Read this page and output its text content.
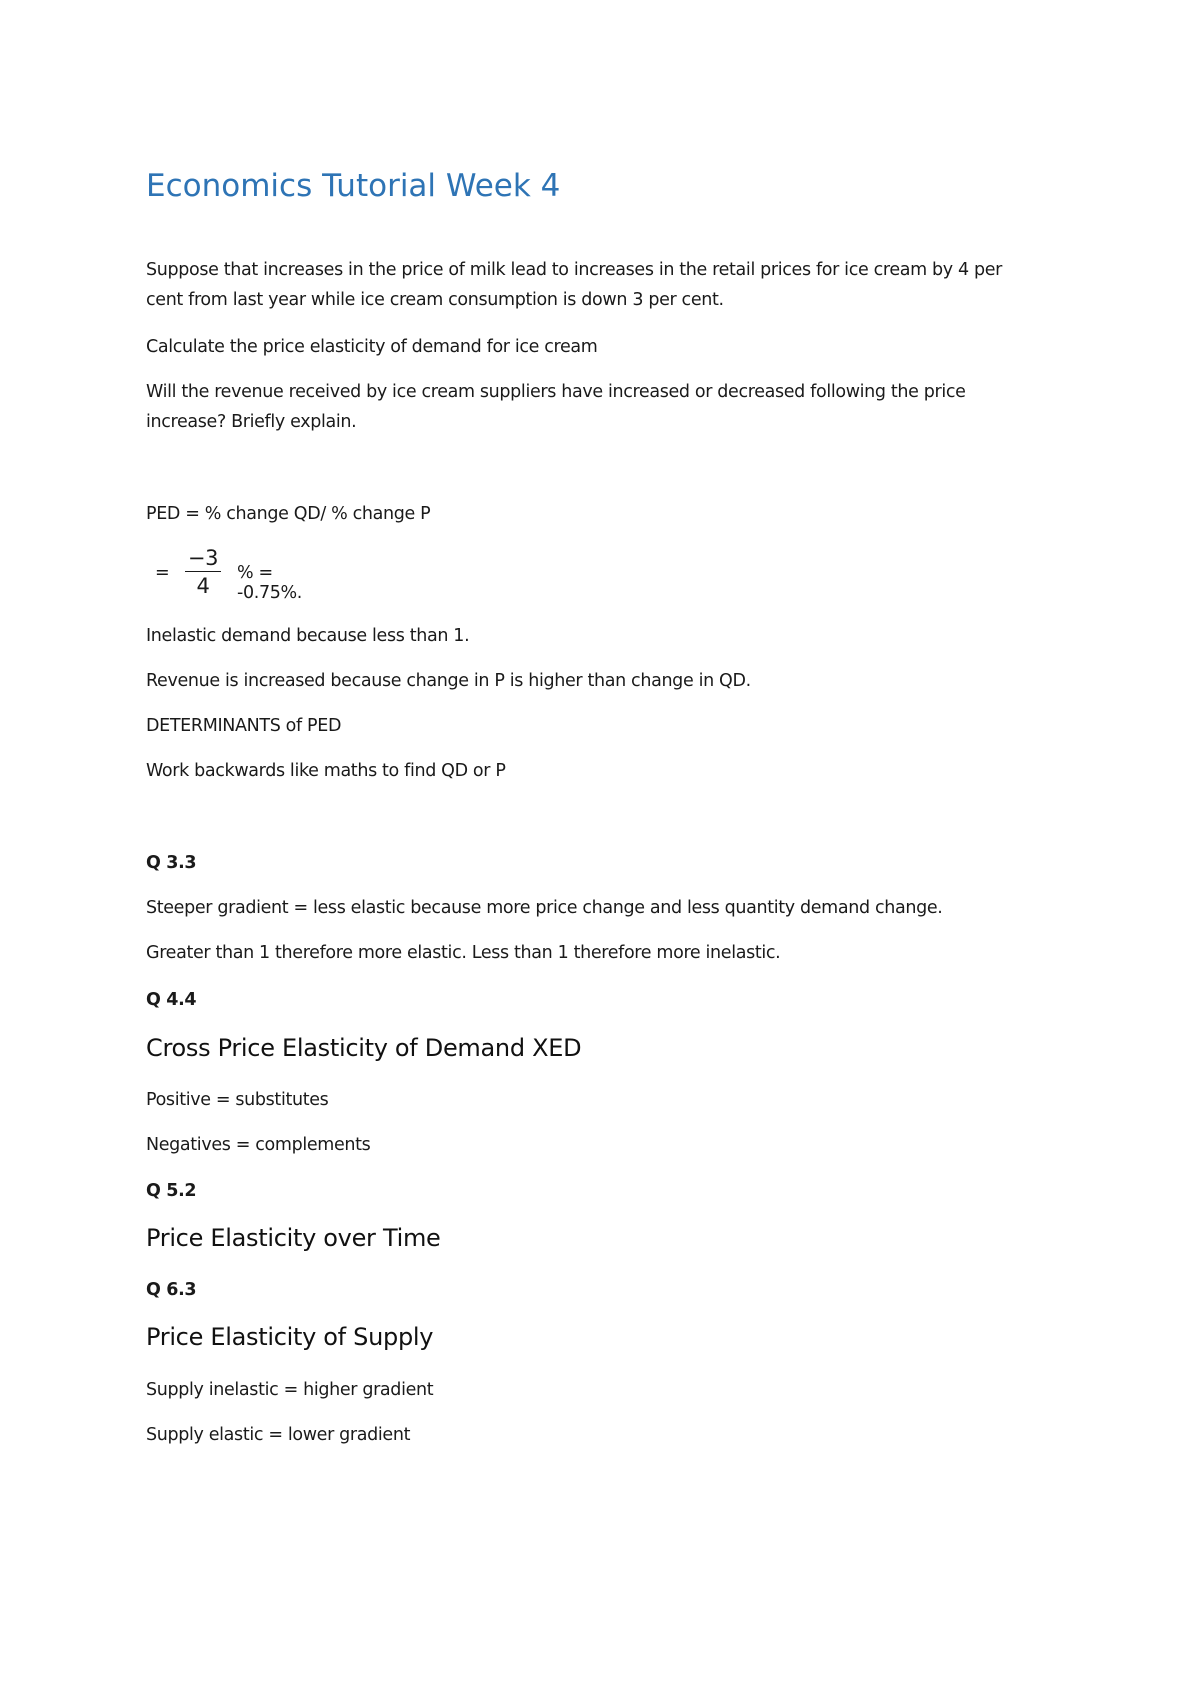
Economics Tutorial Week 4

Suppose that increases in the price of milk lead to increases in the retail prices for ice cream by 4 per

cent from last year while ice cream consumption is down 3 per cent.

Calculate the price elasticity of demand for ice cream

Will the revenue received by ice cream suppliers have increased or decreased following the price

increase? Briefly explain.

PED = % change QD/ % change P

= $\frac{-3}{4}$ % = -0.75%.

Inelastic demand because less than 1.

Revenue is increased because change in P is higher than change in QD.

DETERMINANTS of PED

Work backwards like maths to find QD or P

Q 3.3

Steeper gradient = less elastic because more price change and less quantity demand change.

Greater than 1 therefore more elastic. Less than 1 therefore more inelastic.

Q 4.4

Cross Price Elasticity of Demand XED

Positive = substitutes

Negatives = complements

Q 5.2

Price Elasticity over Time

Q 6.3

Price Elasticity of Supply

Supply inelastic = higher gradient

Supply elastic = lower gradient
